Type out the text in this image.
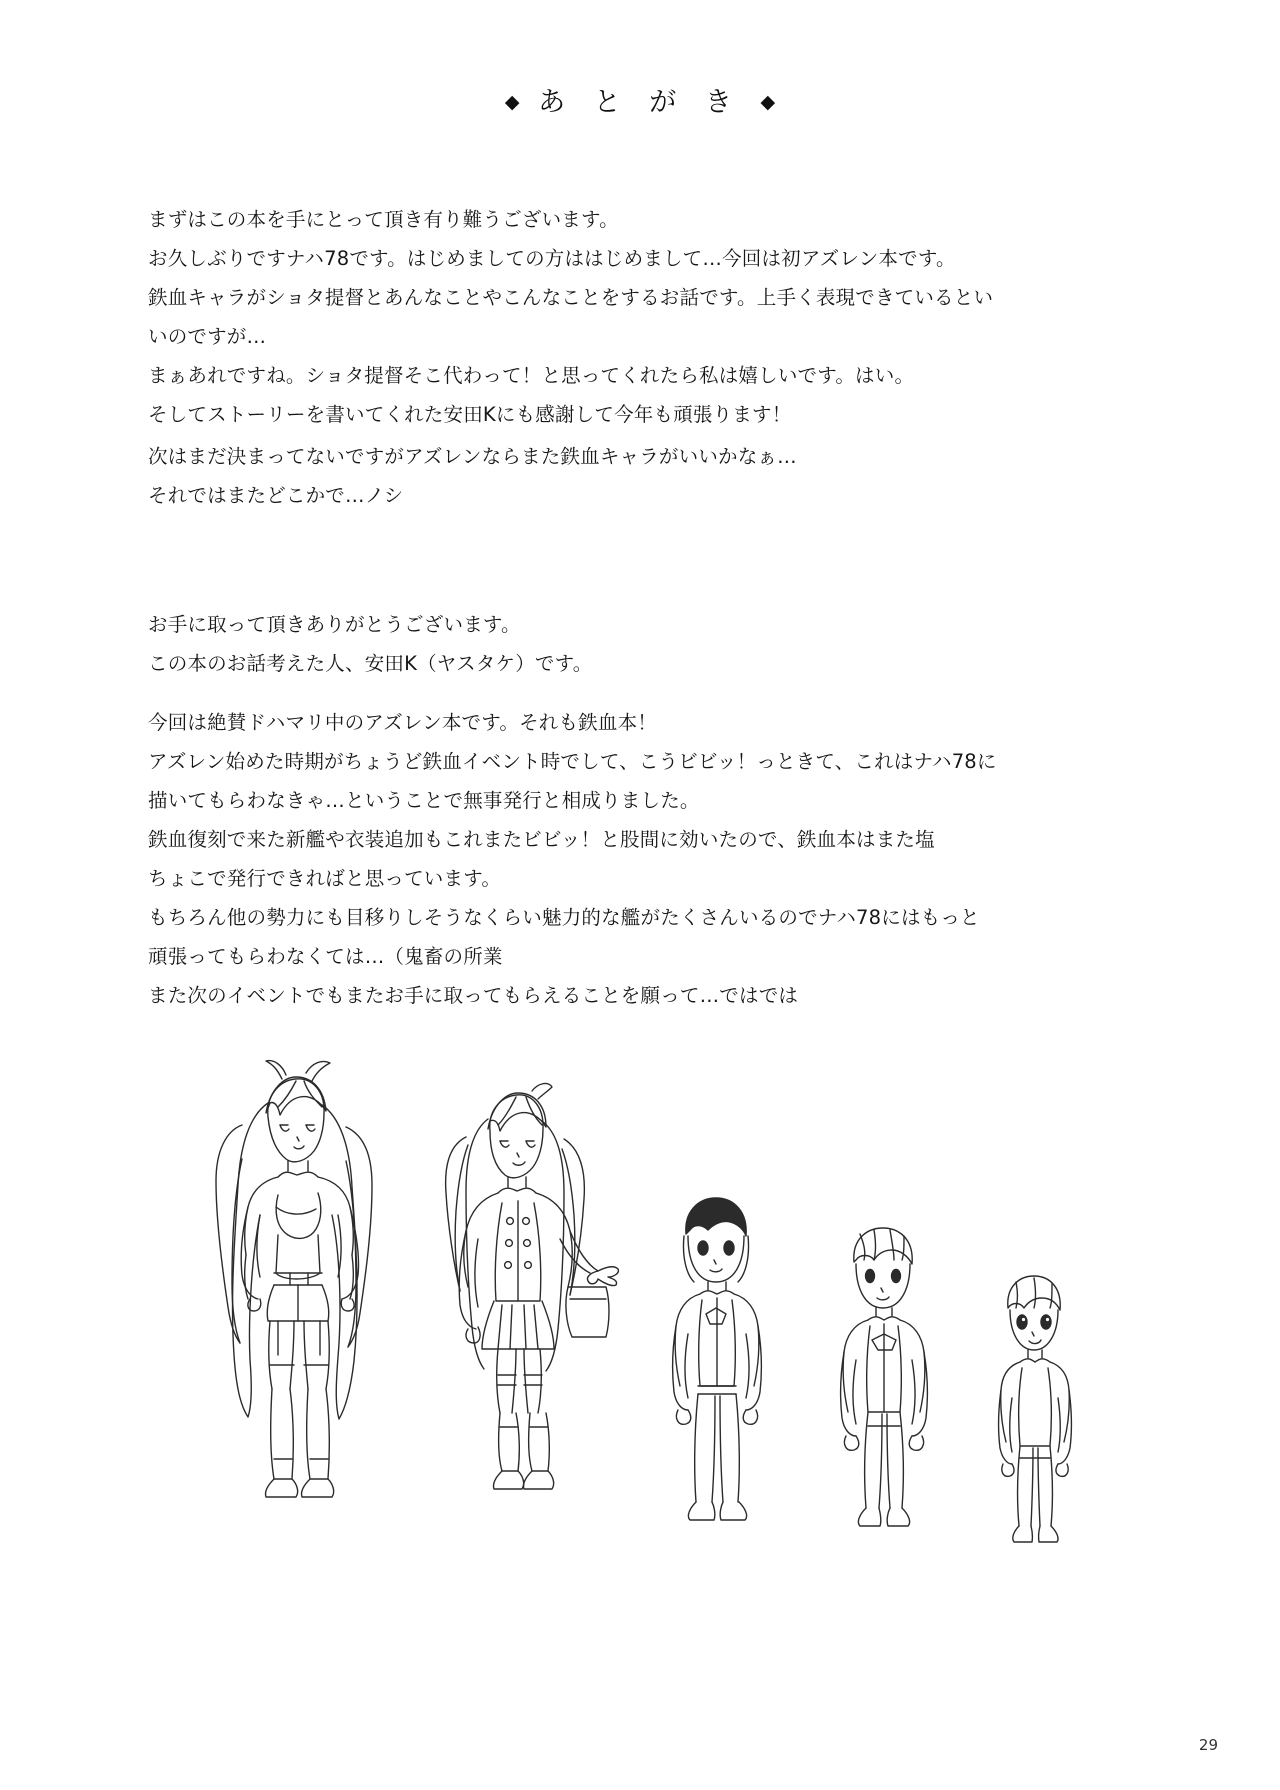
◆ あ と が き ◆

まずはこの本を手にとって頂き有り難うございます。

お久しぶりですナハ78です。はじめましての方ははじめまして…今回は初アズレン本です。

鉄血キャラがショタ提督とあんなことやこんなことをするお話です。上手く表現できているとい

いのですが…

まぁあれですね。ショタ提督そこ代わって！と思ってくれたら私は嬉しいです。はい。

そしてストーリーを書いてくれた安田Kにも感謝して今年も頑張ります！

次はまだ決まってないですがアズレンならまた鉄血キャラがいいかなぁ…

それではまたどこかで…ノシ

お手に取って頂きありがとうございます。

この本のお話考えた人、安田K（ヤスタケ）です。

今回は絶賛ドハマリ中のアズレン本です。それも鉄血本！

アズレン始めた時期がちょうど鉄血イベント時でして、こうビビッ！っときて、これはナハ78に

描いてもらわなきゃ…ということで無事発行と相成りました。

鉄血復刻で来た新艦や衣装追加もこれまたビビッ！と股間に効いたので、鉄血本はまた塩

ちょこで発行できればと思っています。

もちろん他の勢力にも目移りしそうなくらい魅力的な艦がたくさんいるのでナハ78にはもっと

頑張ってもらわなくては…（鬼畜の所業

また次のイベントでもまたお手に取ってもらえることを願って…ではでは

29
